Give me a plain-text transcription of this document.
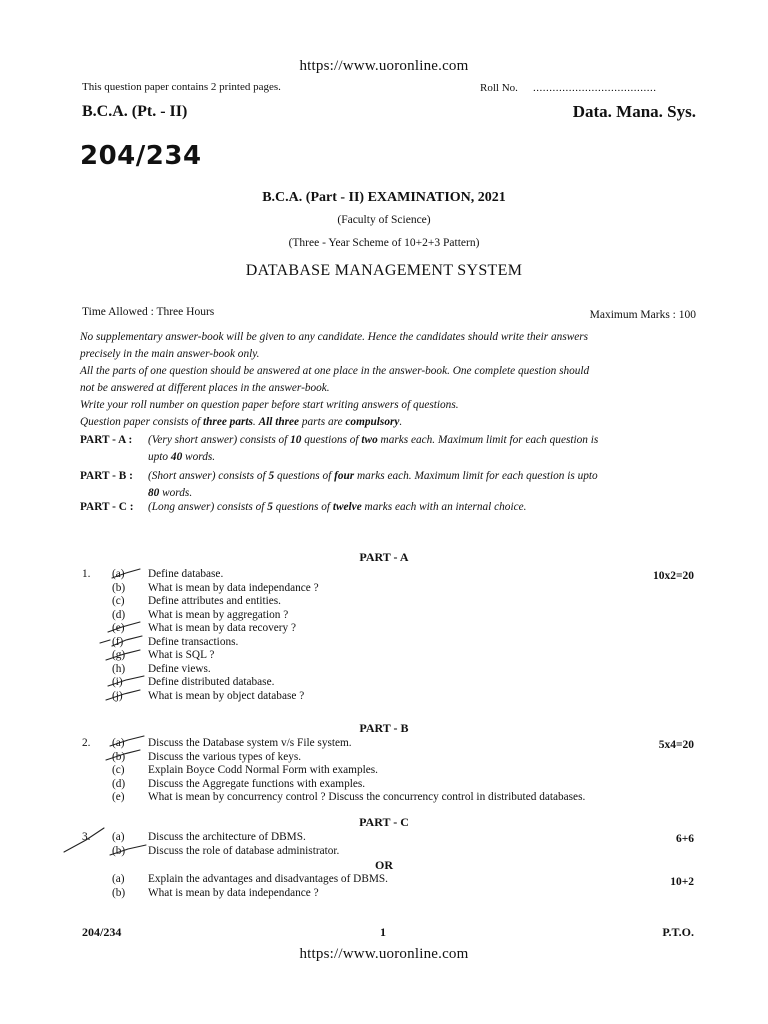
https://www.uoronline.com
This question paper contains 2 printed pages.	Roll No. ......................................
B.C.A. (Pt. - II)	Data. Mana. Sys.
204/234
B.C.A. (Part - II) EXAMINATION, 2021
(Faculty of Science)
(Three - Year Scheme of 10+2+3 Pattern)
DATABASE MANAGEMENT SYSTEM
Time Allowed : Three Hours	Maximum Marks : 100
No supplementary answer-book will be given to any candidate. Hence the candidates should write their answers
precisely in the main answer-book only.
All the parts of one question should be answered at one place in the answer-book. One complete question should
not be answered at different places in the answer-book.
Write your roll number on question paper before start writing answers of questions.
Question paper consists of three parts. All three parts are compulsory.
PART - A :	(Very short answer) consists of 10 questions of two marks each. Maximum limit for each question is
upto 40 words.
PART - B :	(Short answer) consists of 5 questions of four marks each. Maximum limit for each question is upto
80 words.
PART - C :	(Long answer) consists of 5 questions of twelve marks each with an internal choice.
PART - A
1.	10x2=20
(a)	Define database.
(b)	What is mean by data independance ?
(c)	Define attributes and entities.
(d)	What is mean by aggregation ?
(e)	What is mean by data recovery ?
(f)	Define transactions.
(g)	What is SQL ?
(h)	Define views.
(i)	Define distributed database.
(j)	What is mean by object database ?
PART - B
2.	5x4=20
(a)	Discuss the Database system v/s File system.
(b)	Discuss the various types of keys.
(c)	Explain Boyce Codd Normal Form with examples.
(d)	Discuss the Aggregate functions with examples.
(e)	What is mean by concurrency control ? Discuss the concurrency control in distributed databases.
PART - C
3.	6+6
(a)	Discuss the architecture of DBMS.
(b)	Discuss the role of database administrator.
OR
10+2
(a)	Explain the advantages and disadvantages of DBMS.
(b)	What is mean by data independance ?
204/234	1	P.T.O.
https://www.uoronline.com
